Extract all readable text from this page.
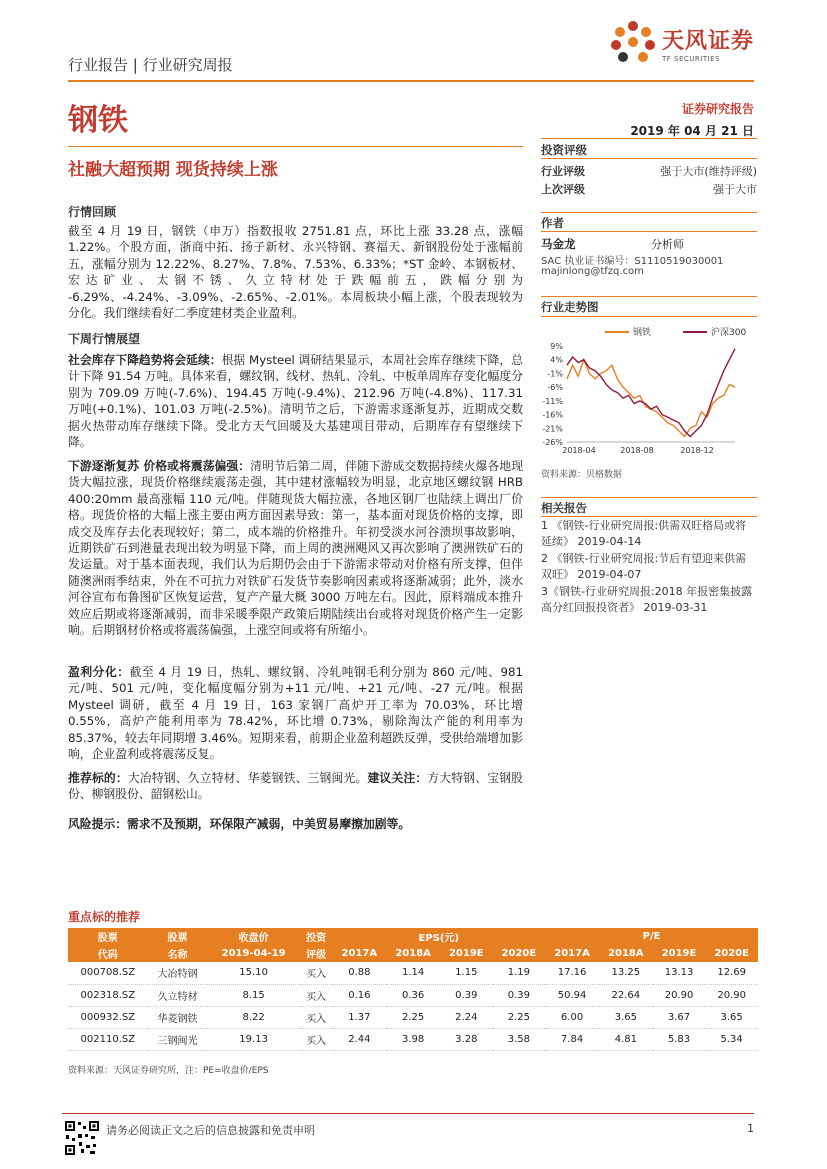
行业报告 | 行业研究周报
天风证券
TF SECURITIES
钢铁	证券研究报告
2019 年 04 月 21 日
社融大超预期 现货持续上涨
投资评级
行业评级	强于大市(维持评级)
上次评级	强于大市
作者
马金龙	分析师
SAC 执业证书编号：S1110519030001
majinlong@tfzq.com
行业走势图
钢铁	沪深300
9%
4%
-1%
-6%
-11%
-16%
-21%
-26%
2018-04	2018-08	2018-12
资料来源：贝格数据
相关报告
1 《钢铁-行业研究周报:供需双旺格局或将延续》 2019-04-14
2 《钢铁-行业研究周报:节后有望迎来供需双旺》 2019-04-07
3《钢铁-行业研究周报:2018 年报密集披露 高分红回报投资者》 2019-03-31
行情回顾
截至 4 月 19 日，钢铁（申万）指数报收 2751.81 点，环比上涨 33.28 点，涨幅 1.22%。个股方面，浙商中拓、扬子新材、永兴特钢、赛福天、新钢股份处于涨幅前五，涨幅分别为 12.22%、8.27%、7.8%、7.53%、6.33%；*ST 金岭、本钢板材、宏达矿业、太钢不锈、久立特材处于跌幅前五，跌幅分别为 -6.29%、-4.24%、-3.09%、-2.65%、-2.01%。本周板块小幅上涨，个股表现较为分化。我们继续看好二季度建材类企业盈利。
下周行情展望
社会库存下降趋势将会延续：根据 Mysteel 调研结果显示，本周社会库存继续下降，总计下降 91.54 万吨。具体来看，螺纹钢、线材、热轧、冷轧、中板单周库存变化幅度分别为 709.09 万吨(-7.6%)、194.45 万吨(-9.4%)、212.96 万吨(-4.8%)、117.31 万吨(+0.1%)、101.03 万吨(-2.5%)。清明节之后，下游需求逐渐复苏，近期成交数据火热带动库存继续下降。受北方天气回暖及大基建项目带动，后期库存有望继续下降。
下游逐渐复苏 价格或将震荡偏强：清明节后第二周，伴随下游成交数据持续火爆各地现货大幅拉涨，现货价格继续震荡走强，其中建材涨幅较为明显，北京地区螺纹钢 HRB 400:20mm 最高涨幅 110 元/吨。伴随现货大幅拉涨，各地区钢厂也陆续上调出厂价格。现货价格的大幅上涨主要由两方面因素导致：第一，基本面对现货价格的支撑，即成交及库存去化表现较好；第二，成本端的价格推升。年初受淡水河谷溃坝事故影响，近期铁矿石到港量表现出较为明显下降，而上周的澳洲飓风又再次影响了澳洲铁矿石的发运量。对于基本面表现，我们认为后期仍会由于下游需求带动对价格有所支撑，但伴随澳洲雨季结束，外在不可抗力对铁矿石发货节奏影响因素或将逐渐减弱；此外，淡水河谷宣布布鲁图矿区恢复运营，复产产量大概 3000 万吨左右。因此，原料端成本推升效应后期或将逐渐减弱，而非采暖季限产政策后期陆续出台或将对现货价格产生一定影响。后期钢材价格或将震荡偏强，上涨空间或将有所缩小。
盈利分化：截至 4 月 19 日，热轧、螺纹钢、冷轧吨钢毛利分别为 860 元/吨、981 元/吨、501 元/吨，变化幅度幅分别为+11 元/吨、+21 元/吨、-27 元/吨。根据 Mysteel 调研，截至 4 月 19 日，163 家钢厂高炉开工率为 70.03%，环比增 0.55%，高炉产能利用率为 78.42%，环比增 0.73%，剔除淘汰产能的利用率为 85.37%，较去年同期增 3.46%。短期来看，前期企业盈利超跌反弹，受供给端增加影响，企业盈利或将震荡反复。
推荐标的：大冶特钢、久立特材、华菱钢铁、三钢闽光。建议关注：方大特钢、宝钢股份、柳钢股份、韶钢松山。
风险提示：需求不及预期，环保限产减弱，中美贸易摩擦加剧等。
重点标的推荐
股票	股票	收盘价	投资	EPS(元)				P/E			
代码	名称	2019-04-19	评级	2017A	2018A	2019E	2020E	2017A	2018A	2019E	2020E
000708.SZ	大冶特钢	15.10	买入	0.88	1.14	1.15	1.19	17.16	13.25	13.13	12.69
002318.SZ	久立特材	8.15	买入	0.16	0.36	0.39	0.39	50.94	22.64	20.90	20.90
000932.SZ	华菱钢铁	8.22	买入	1.37	2.25	2.24	2.25	6.00	3.65	3.67	3.65
002110.SZ	三钢闽光	19.13	买入	2.44	3.98	3.28	3.58	7.84	4.81	5.83	5.34
资料来源：天风证券研究所，注：PE=收盘价/EPS
请务必阅读正文之后的信息披露和免责申明	1
